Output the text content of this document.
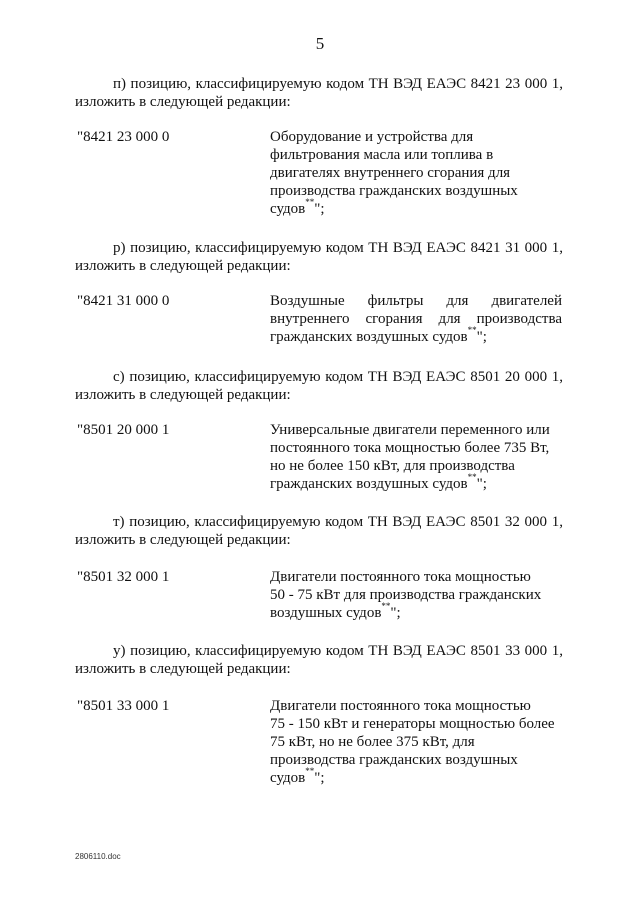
5
п) позицию, классифицируемую кодом ТН ВЭД ЕАЭС 8421 23 000 1,
изложить в следующей редакции:
"8421 23 000 0	Оборудование и устройства для
фильтрования масла или топлива в
двигателях внутреннего сгорания для
производства гражданских воздушных
судов**";
р) позицию, классифицируемую кодом ТН ВЭД ЕАЭС 8421 31 000 1,
изложить в следующей редакции:
"8421 31 000 0	Воздушные фильтры для двигателей
внутреннего сгорания для производства
гражданских воздушных судов**";
с) позицию, классифицируемую кодом ТН ВЭД ЕАЭС 8501 20 000 1,
изложить в следующей редакции:
"8501 20 000 1	Универсальные двигатели переменного или
постоянного тока мощностью более 735 Вт,
но не более 150 кВт, для производства
гражданских воздушных судов**";
т) позицию, классифицируемую кодом ТН ВЭД ЕАЭС 8501 32 000 1,
изложить в следующей редакции:
"8501 32 000 1	Двигатели постоянного тока мощностью
50 - 75 кВт для производства гражданских
воздушных судов**";
у) позицию, классифицируемую кодом ТН ВЭД ЕАЭС 8501 33 000 1,
изложить в следующей редакции:
"8501 33 000 1	Двигатели постоянного тока мощностью
75 - 150 кВт и генераторы мощностью более
75 кВт, но не более 375 кВт, для
производства гражданских воздушных
судов**";
2806110.doc
